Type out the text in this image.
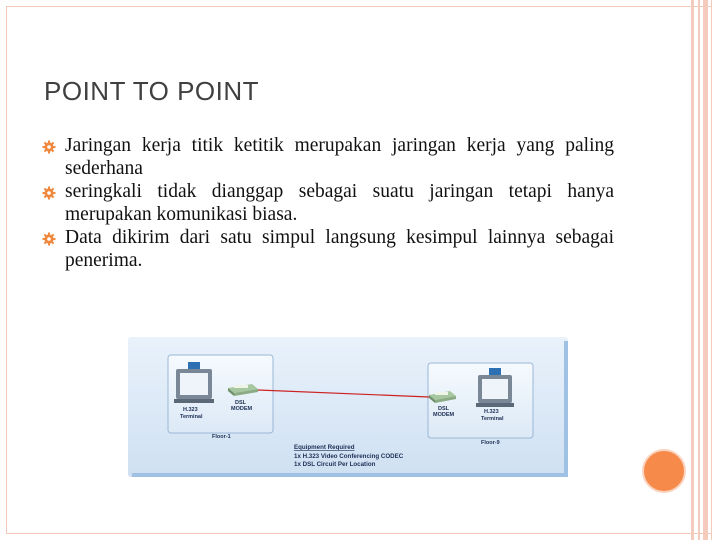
POINT TO POINT
Jaringan kerja titik ketitik merupakan jaringan kerja yang paling sederhana
seringkali tidak dianggap sebagai suatu jaringan tetapi hanya merupakan komunikasi biasa.
Data dikirim dari satu simpul langsung kesimpul lainnya sebagai penerima.
H.323
Terminal
DSL
MODEM
Floor-1
DSL
MODEM	H.323
Terminal
Floor-9
Equipment Required
1x H.323 Video Conferencing CODEC
1x DSL Circuit Per Location
